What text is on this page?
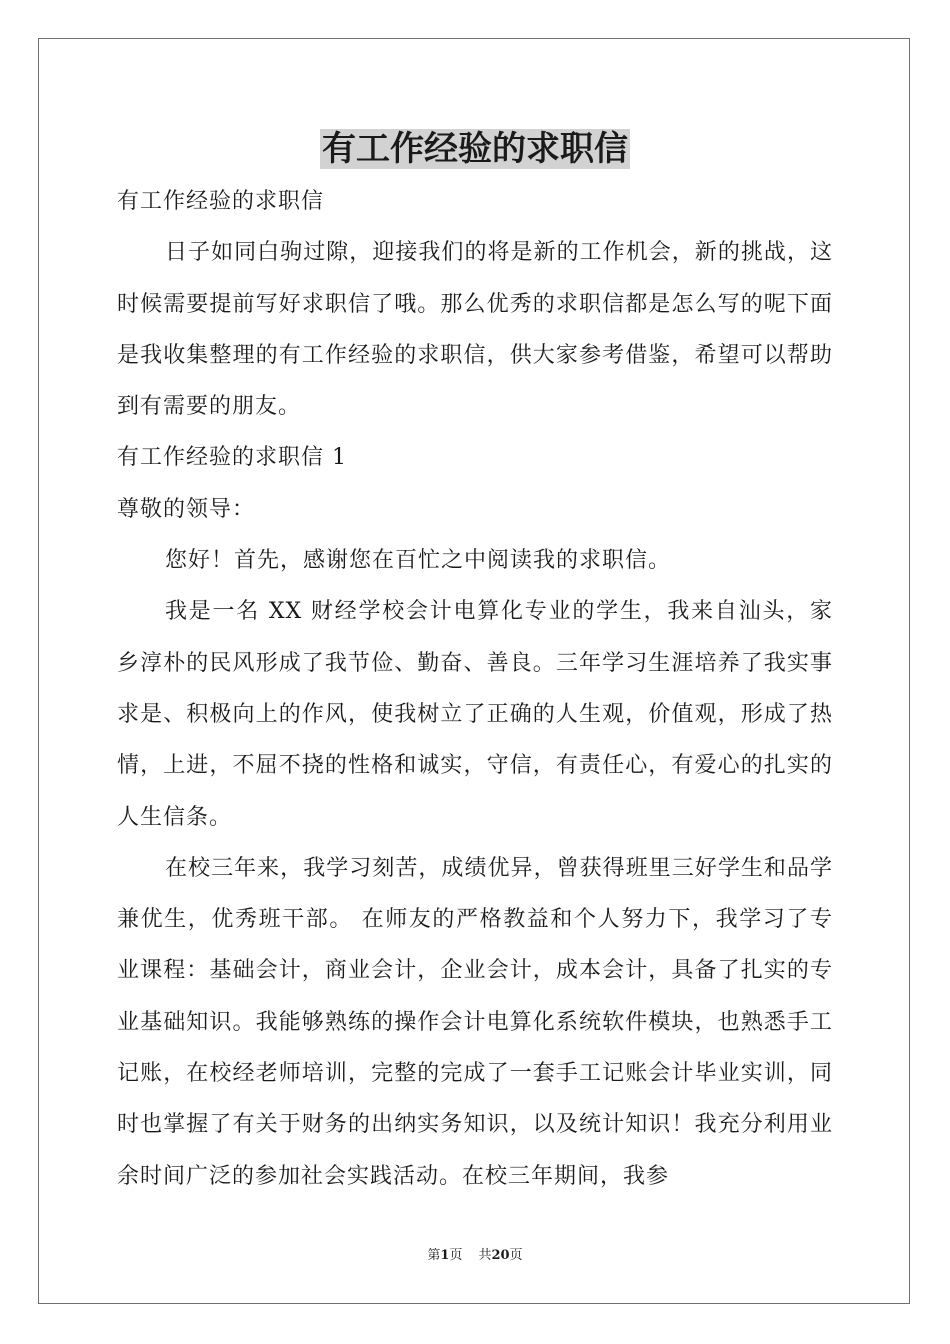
有工作经验的求职信

有工作经验的求职信

日子如同白驹过隙，迎接我们的将是新的工作机会，新的挑战，这时候需要提前写好求职信了哦。那么优秀的求职信都是怎么写的呢下面是我收集整理的有工作经验的求职信，供大家参考借鉴，希望可以帮助到有需要的朋友。

有工作经验的求职信 1

尊敬的领导：

您好！首先，感谢您在百忙之中阅读我的求职信。

我是一名 XX 财经学校会计电算化专业的学生，我来自汕头，家乡淳朴的民风形成了我节俭、勤奋、善良。三年学习生涯培养了我实事求是、积极向上的作风，使我树立了正确的人生观，价值观，形成了热情，上进，不屈不挠的性格和诚实，守信，有责任心，有爱心的扎实的人生信条。

在校三年来，我学习刻苦，成绩优异，曾获得班里三好学生和品学兼优生，优秀班干部。 在师友的严格教益和个人努力下，我学习了专业课程：基础会计，商业会计，企业会计，成本会计，具备了扎实的专业基础知识。我能够熟练的操作会计电算化系统软件模块，也熟悉手工记账，在校经老师培训，完整的完成了一套手工记账会计毕业实训，同时也掌握了有关于财务的出纳实务知识，以及统计知识！我充分利用业余时间广泛的参加社会实践活动。在校三年期间，我参

第1页 共20页
